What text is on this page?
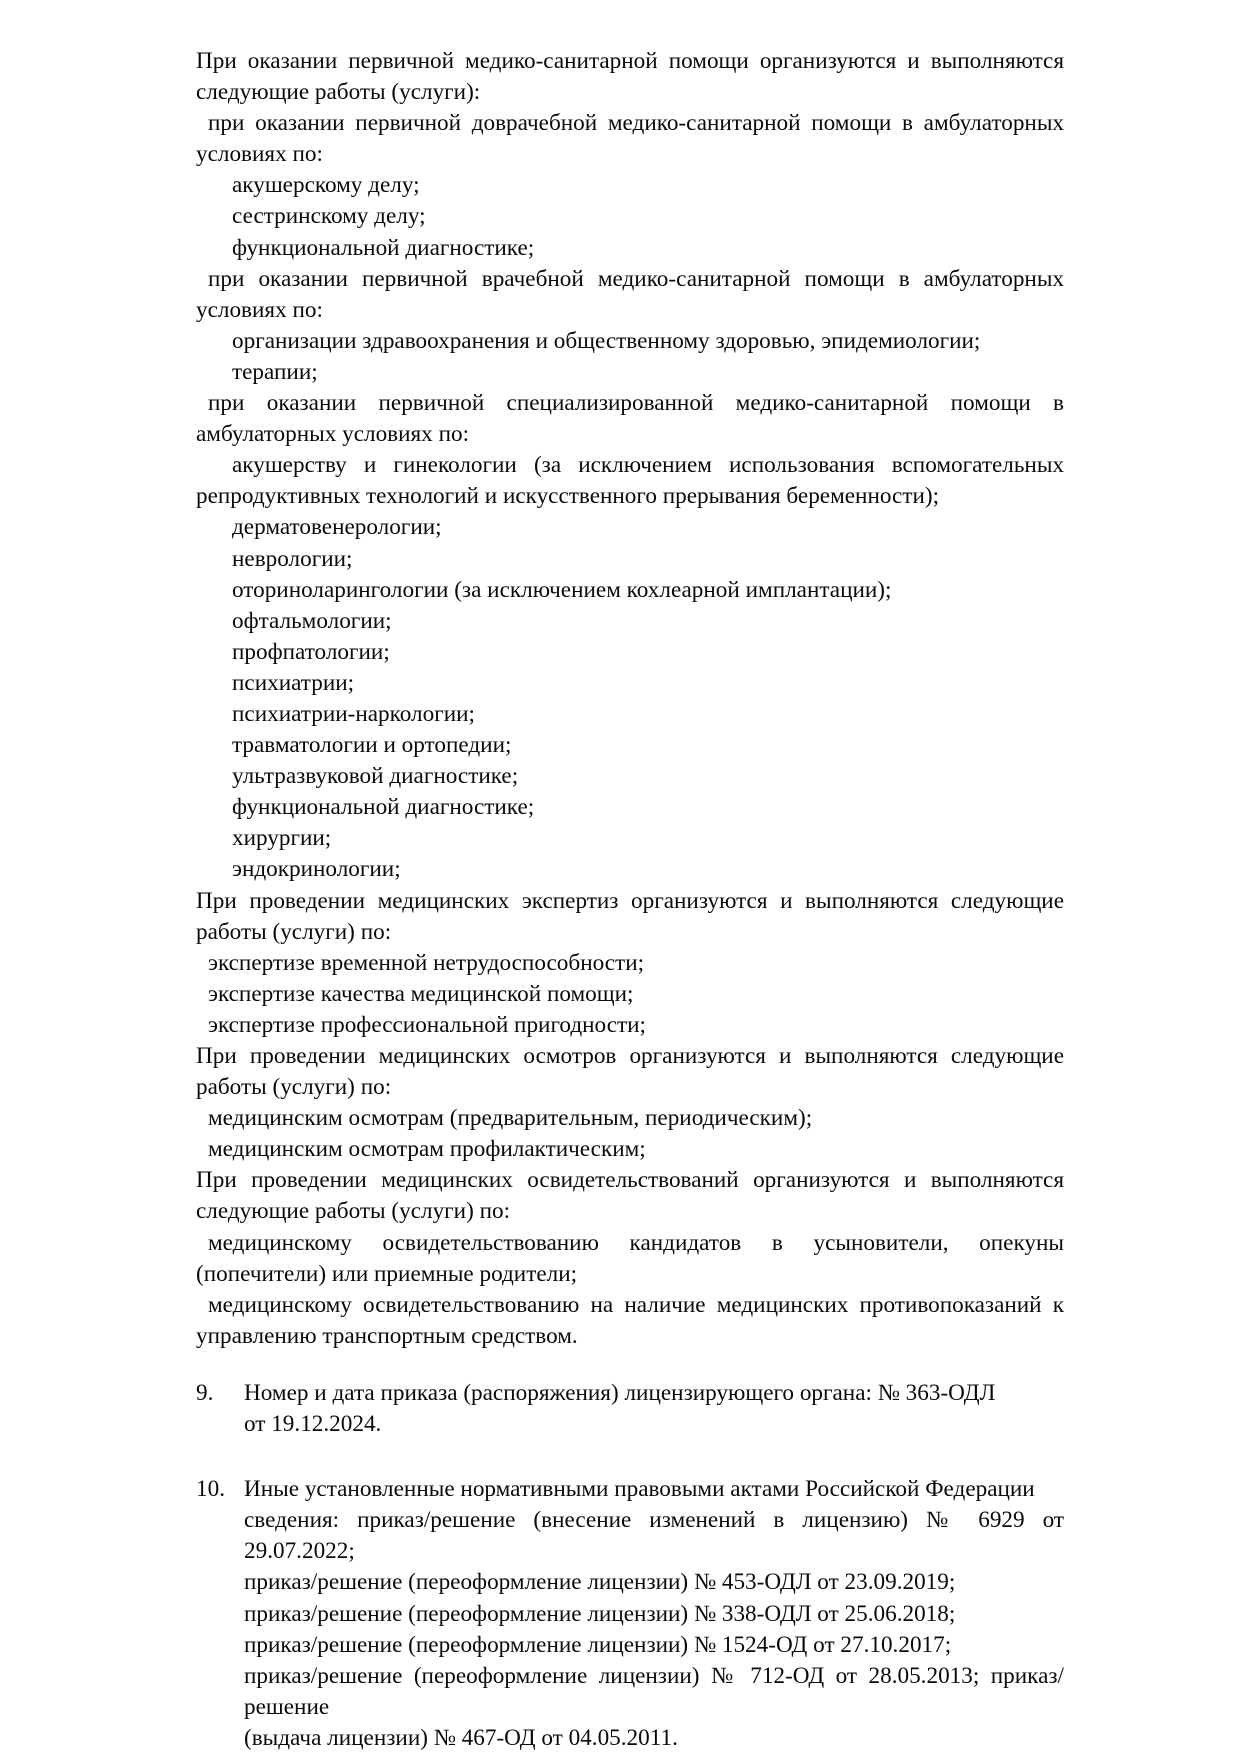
При оказании первичной медико-санитарной помощи организуются и выполняются следующие работы (услуги):

при оказании первичной доврачебной медико-санитарной помощи в амбулаторных условиях по:

акушерскому делу;

сестринскому делу;

функциональной диагностике;

при оказании первичной врачебной медико-санитарной помощи в амбулаторных условиях по:

организации здравоохранения и общественному здоровью, эпидемиологии;

терапии;

при оказании первичной специализированной медико-санитарной помощи в амбулаторных условиях по:

акушерству и гинекологии (за исключением использования вспомогательных репродуктивных технологий и искусственного прерывания беременности);

дерматовенерологии;

неврологии;

оториноларингологии (за исключением кохлеарной имплантации);

офтальмологии;

профпатологии;

психиатрии;

психиатрии-наркологии;

травматологии и ортопедии;

ультразвуковой диагностике;

функциональной диагностике;

хирургии;

эндокринологии;

При проведении медицинских экспертиз организуются и выполняются следующие работы (услуги) по:

экспертизе временной нетрудоспособности;

экспертизе качества медицинской помощи;

экспертизе профессиональной пригодности;

При проведении медицинских осмотров организуются и выполняются следующие работы (услуги) по:

медицинским осмотрам (предварительным, периодическим);

медицинским осмотрам профилактическим;

При проведении медицинских освидетельствований организуются и выполняются следующие работы (услуги) по:

медицинскому освидетельствованию кандидатов в усыновители, опекуны (попечители) или приемные родители;

медицинскому освидетельствованию на наличие медицинских противопоказаний к управлению транспортным средством.

9.	Номер и дата приказа (распоряжения) лицензирующего органа: № 363-ОДЛ
от 19.12.2024.
10. Иные установленные нормативными правовыми актами Российской Федерации
сведения: приказ/решение (внесение изменений в лицензию) № 6929 от 29.07.2022;
приказ/решение (переоформление лицензии) № 453-ОДЛ от 23.09.2019;
приказ/решение (переоформление лицензии) № 338-ОДЛ от 25.06.2018;
приказ/решение (переоформление лицензии) № 1524-ОД от 27.10.2017;
приказ/решение (переоформление лицензии) № 712-ОД от 28.05.2013; приказ/решение
(выдача лицензии) № 467-ОД от 04.05.2011.
